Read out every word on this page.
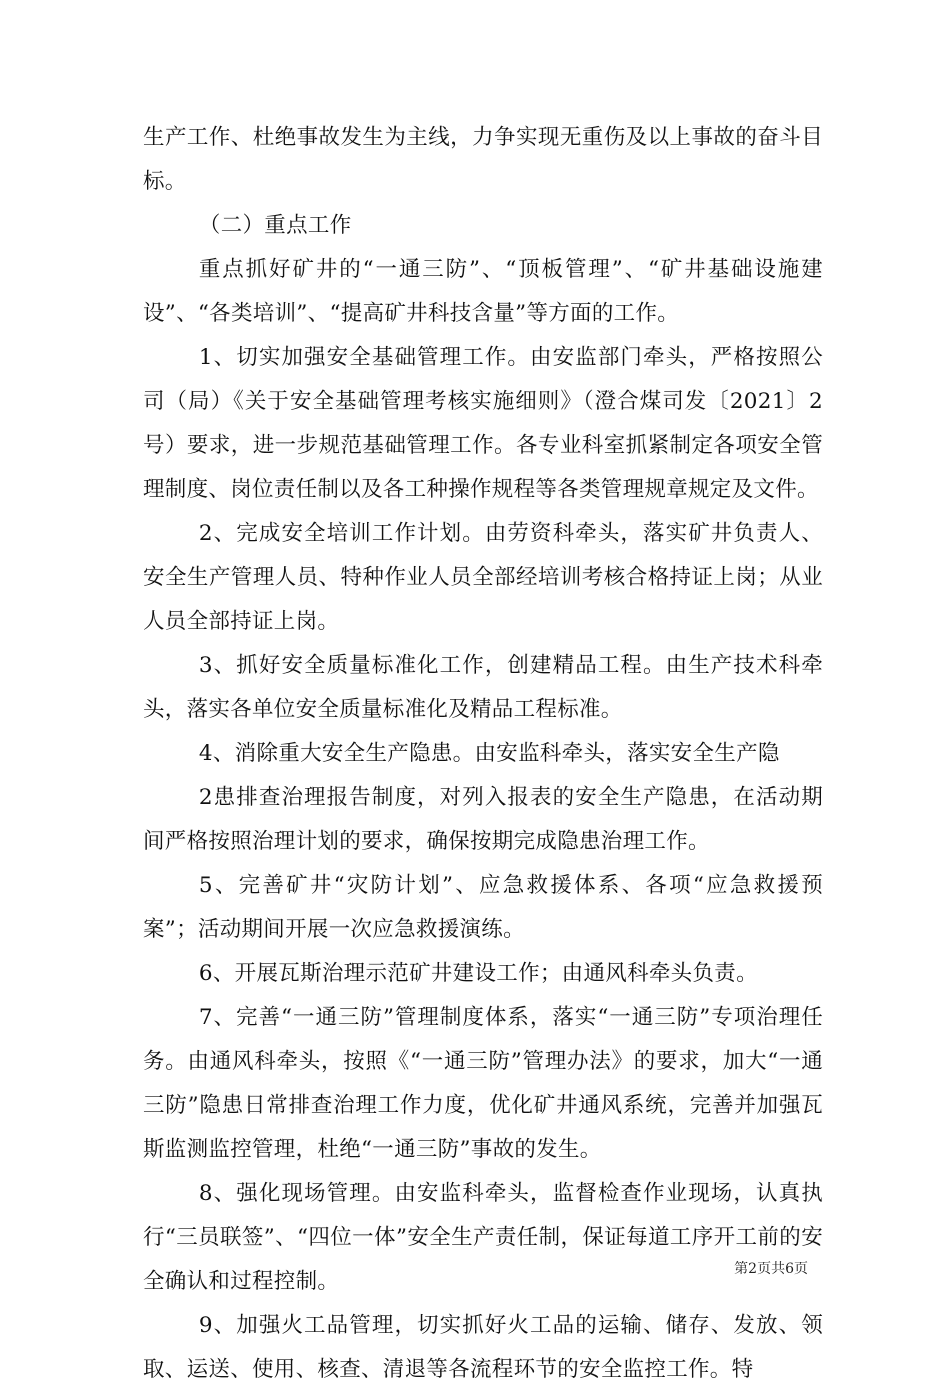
生产工作、杜绝事故发生为主线，力争实现无重伤及以上事故的奋斗目标。

（二）重点工作

重点抓好矿井的“一通三防”、“顶板管理”、“矿井基础设施建设”、“各类培训”、“提高矿井科技含量”等方面的工作。

1、切实加强安全基础管理工作。由安监部门牵头，严格按照公司（局）《关于安全基础管理考核实施细则》（澄合煤司发〔2021〕2号）要求，进一步规范基础管理工作。各专业科室抓紧制定各项安全管理制度、岗位责任制以及各工种操作规程等各类管理规章规定及文件。

2、完成安全培训工作计划。由劳资科牵头，落实矿井负责人、安全生产管理人员、特种作业人员全部经培训考核合格持证上岗；从业人员全部持证上岗。

3、抓好安全质量标准化工作，创建精品工程。由生产技术科牵头，落实各单位安全质量标准化及精品工程标准。

4、消除重大安全生产隐患。由安监科牵头，落实安全生产隐

2患排查治理报告制度，对列入报表的安全生产隐患，在活动期间严格按照治理计划的要求，确保按期完成隐患治理工作。

5、完善矿井“灾防计划”、应急救援体系、各项“应急救援预案”；活动期间开展一次应急救援演练。

6、开展瓦斯治理示范矿井建设工作；由通风科牵头负责。

7、完善“一通三防”管理制度体系，落实“一通三防”专项治理任务。由通风科牵头，按照《“一通三防”管理办法》的要求，加大“一通三防”隐患日常排查治理工作力度，优化矿井通风系统，完善并加强瓦斯监测监控管理，杜绝“一通三防”事故的发生。

8、强化现场管理。由安监科牵头，监督检查作业现场，认真执行“三员联签”、“四位一体”安全生产责任制，保证每道工序开工前的安全确认和过程控制。

9、加强火工品管理，切实抓好火工品的运输、储存、发放、领取、运送、使用、核查、清退等各流程环节的安全监控工作。特

第2页共6页
